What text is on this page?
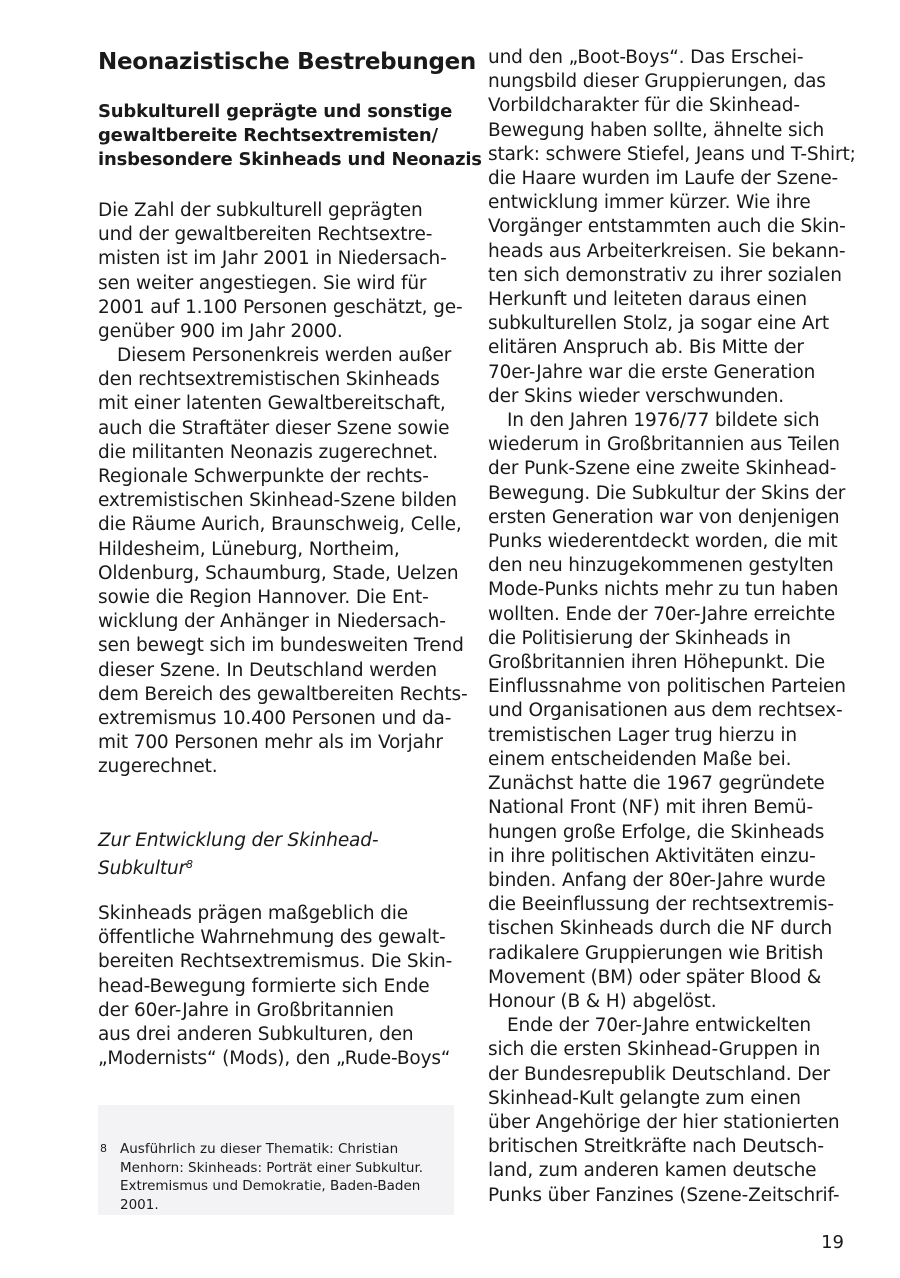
Neonazistische Bestrebungen
Subkulturell geprägte und sonstige
gewaltbereite Rechtsextremisten/
insbesondere Skinheads und Neonazis
Die Zahl der subkulturell geprägten
und der gewaltbereiten Rechtsextre-
misten ist im Jahr 2001 in Niedersach-
sen weiter angestiegen. Sie wird für
2001 auf 1.100 Personen geschätzt, ge-
genüber 900 im Jahr 2000.
Diesem Personenkreis werden außer
den rechtsextremistischen Skinheads
mit einer latenten Gewaltbereitschaft,
auch die Straftäter dieser Szene sowie
die militanten Neonazis zugerechnet.
Regionale Schwerpunkte der rechts-
extremistischen Skinhead-Szene bilden
die Räume Aurich, Braunschweig, Celle,
Hildesheim, Lüneburg, Northeim,
Oldenburg, Schaumburg, Stade, Uelzen
sowie die Region Hannover. Die Ent-
wicklung der Anhänger in Niedersach-
sen bewegt sich im bundesweiten Trend
dieser Szene. In Deutschland werden
dem Bereich des gewaltbereiten Rechts-
extremismus 10.400 Personen und da-
mit 700 Personen mehr als im Vorjahr
zugerechnet.
Zur Entwicklung der Skinhead-
Subkultur$^8$
Skinheads prägen maßgeblich die
öffentliche Wahrnehmung des gewalt-
bereiten Rechtsextremismus. Die Skin-
head-Bewegung formierte sich Ende
der 60er-Jahre in Großbritannien
aus drei anderen Subkulturen, den
„Modernists“ (Mods), den „Rude-Boys“
8 Ausführlich zu dieser Thematik: Christian
Menhorn: Skinheads: Porträt einer Subkultur.
Extremismus und Demokratie, Baden-Baden
2001.
und den „Boot-Boys“. Das Erschei-
nungsbild dieser Gruppierungen, das
Vorbildcharakter für die Skinhead-
Bewegung haben sollte, ähnelte sich
stark: schwere Stiefel, Jeans und T-Shirt;
die Haare wurden im Laufe der Szene-
entwicklung immer kürzer. Wie ihre
Vorgänger entstammten auch die Skin-
heads aus Arbeiterkreisen. Sie bekann-
ten sich demonstrativ zu ihrer sozialen
Herkunft und leiteten daraus einen
subkulturellen Stolz, ja sogar eine Art
elitären Anspruch ab. Bis Mitte der
70er-Jahre war die erste Generation
der Skins wieder verschwunden.
In den Jahren 1976/77 bildete sich
wiederum in Großbritannien aus Teilen
der Punk-Szene eine zweite Skinhead-
Bewegung. Die Subkultur der Skins der
ersten Generation war von denjenigen
Punks wiederentdeckt worden, die mit
den neu hinzugekommenen gestylten
Mode-Punks nichts mehr zu tun haben
wollten. Ende der 70er-Jahre erreichte
die Politisierung der Skinheads in
Großbritannien ihren Höhepunkt. Die
Einflussnahme von politischen Parteien
und Organisationen aus dem rechtsex-
tremistischen Lager trug hierzu in
einem entscheidenden Maße bei.
Zunächst hatte die 1967 gegründete
National Front (NF) mit ihren Bemü-
hungen große Erfolge, die Skinheads
in ihre politischen Aktivitäten einzu-
binden. Anfang der 80er-Jahre wurde
die Beeinflussung der rechtsextremis-
tischen Skinheads durch die NF durch
radikalere Gruppierungen wie British
Movement (BM) oder später Blood &
Honour (B & H) abgelöst.
Ende der 70er-Jahre entwickelten
sich die ersten Skinhead-Gruppen in
der Bundesrepublik Deutschland. Der
Skinhead-Kult gelangte zum einen
über Angehörige der hier stationierten
britischen Streitkräfte nach Deutsch-
land, zum anderen kamen deutsche
Punks über Fanzines (Szene-Zeitschrif-
19
